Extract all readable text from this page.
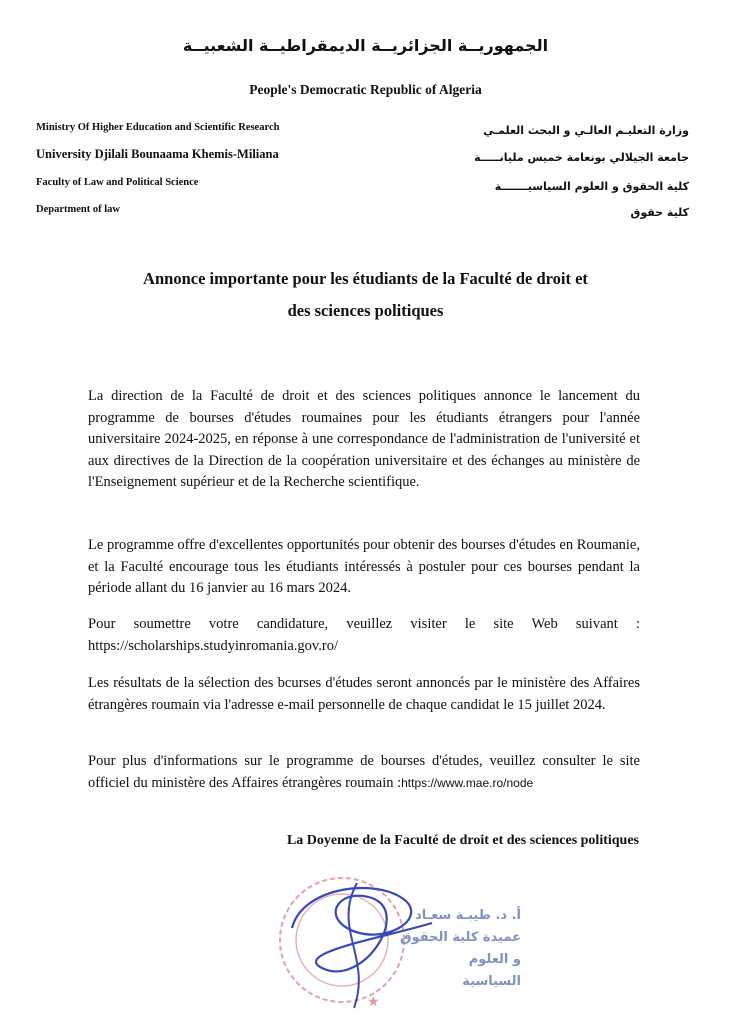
الجمهوريــة الجزائريــة الديمقراطيــة الشعبيــة
People's Democratic Republic of Algeria
Ministry Of Higher Education and Scientific Research
University Djilali Bounaama Khemis-Miliana
Faculty of Law and Political Science
Department of law
وزارة التعليـم العالـي و البحث العلمـي
جامعة الجيلالي بونعامة خميس مليانـــــة
كلية الحقوق و العلوم السياسيـــــــة
كلية حقوق
Annonce importante pour les étudiants de la Faculté de droit et
des sciences politiques
La direction de la Faculté de droit et des sciences politiques annonce le lancement du programme de bourses d'études roumaines pour les étudiants étrangers pour l'année universitaire 2024-2025, en réponse à une correspondance de l'administration de l'université et aux directives de la Direction de la coopération universitaire et des échanges au ministère de l'Enseignement supérieur et de la Recherche scientifique.
Le programme offre d'excellentes opportunités pour obtenir des bourses d'études en Roumanie, et la Faculté encourage tous les étudiants intéressés à postuler pour ces bourses pendant la période allant du 16 janvier au 16 mars 2024.
Pour soumettre votre candidature, veuillez visiter le site Web suivant : https://scholarships.studyinromania.gov.ro/
Les résultats de la sélection des bcurses d'études seront annoncés par le ministère des Affaires étrangères roumain via l'adresse e-mail personnelle de chaque candidat le 15 juillet 2024.
Pour plus d'informations sur le programme de bourses d'études, veuillez consulter le site officiel du ministère des Affaires étrangères roumain :https://www.mae.ro/node
La Doyenne de la Faculté de droit et des sciences politiques
★
أ. د. طيبـة سعـاد
عميدة كلية الحقوق و العلوم
السياسية
